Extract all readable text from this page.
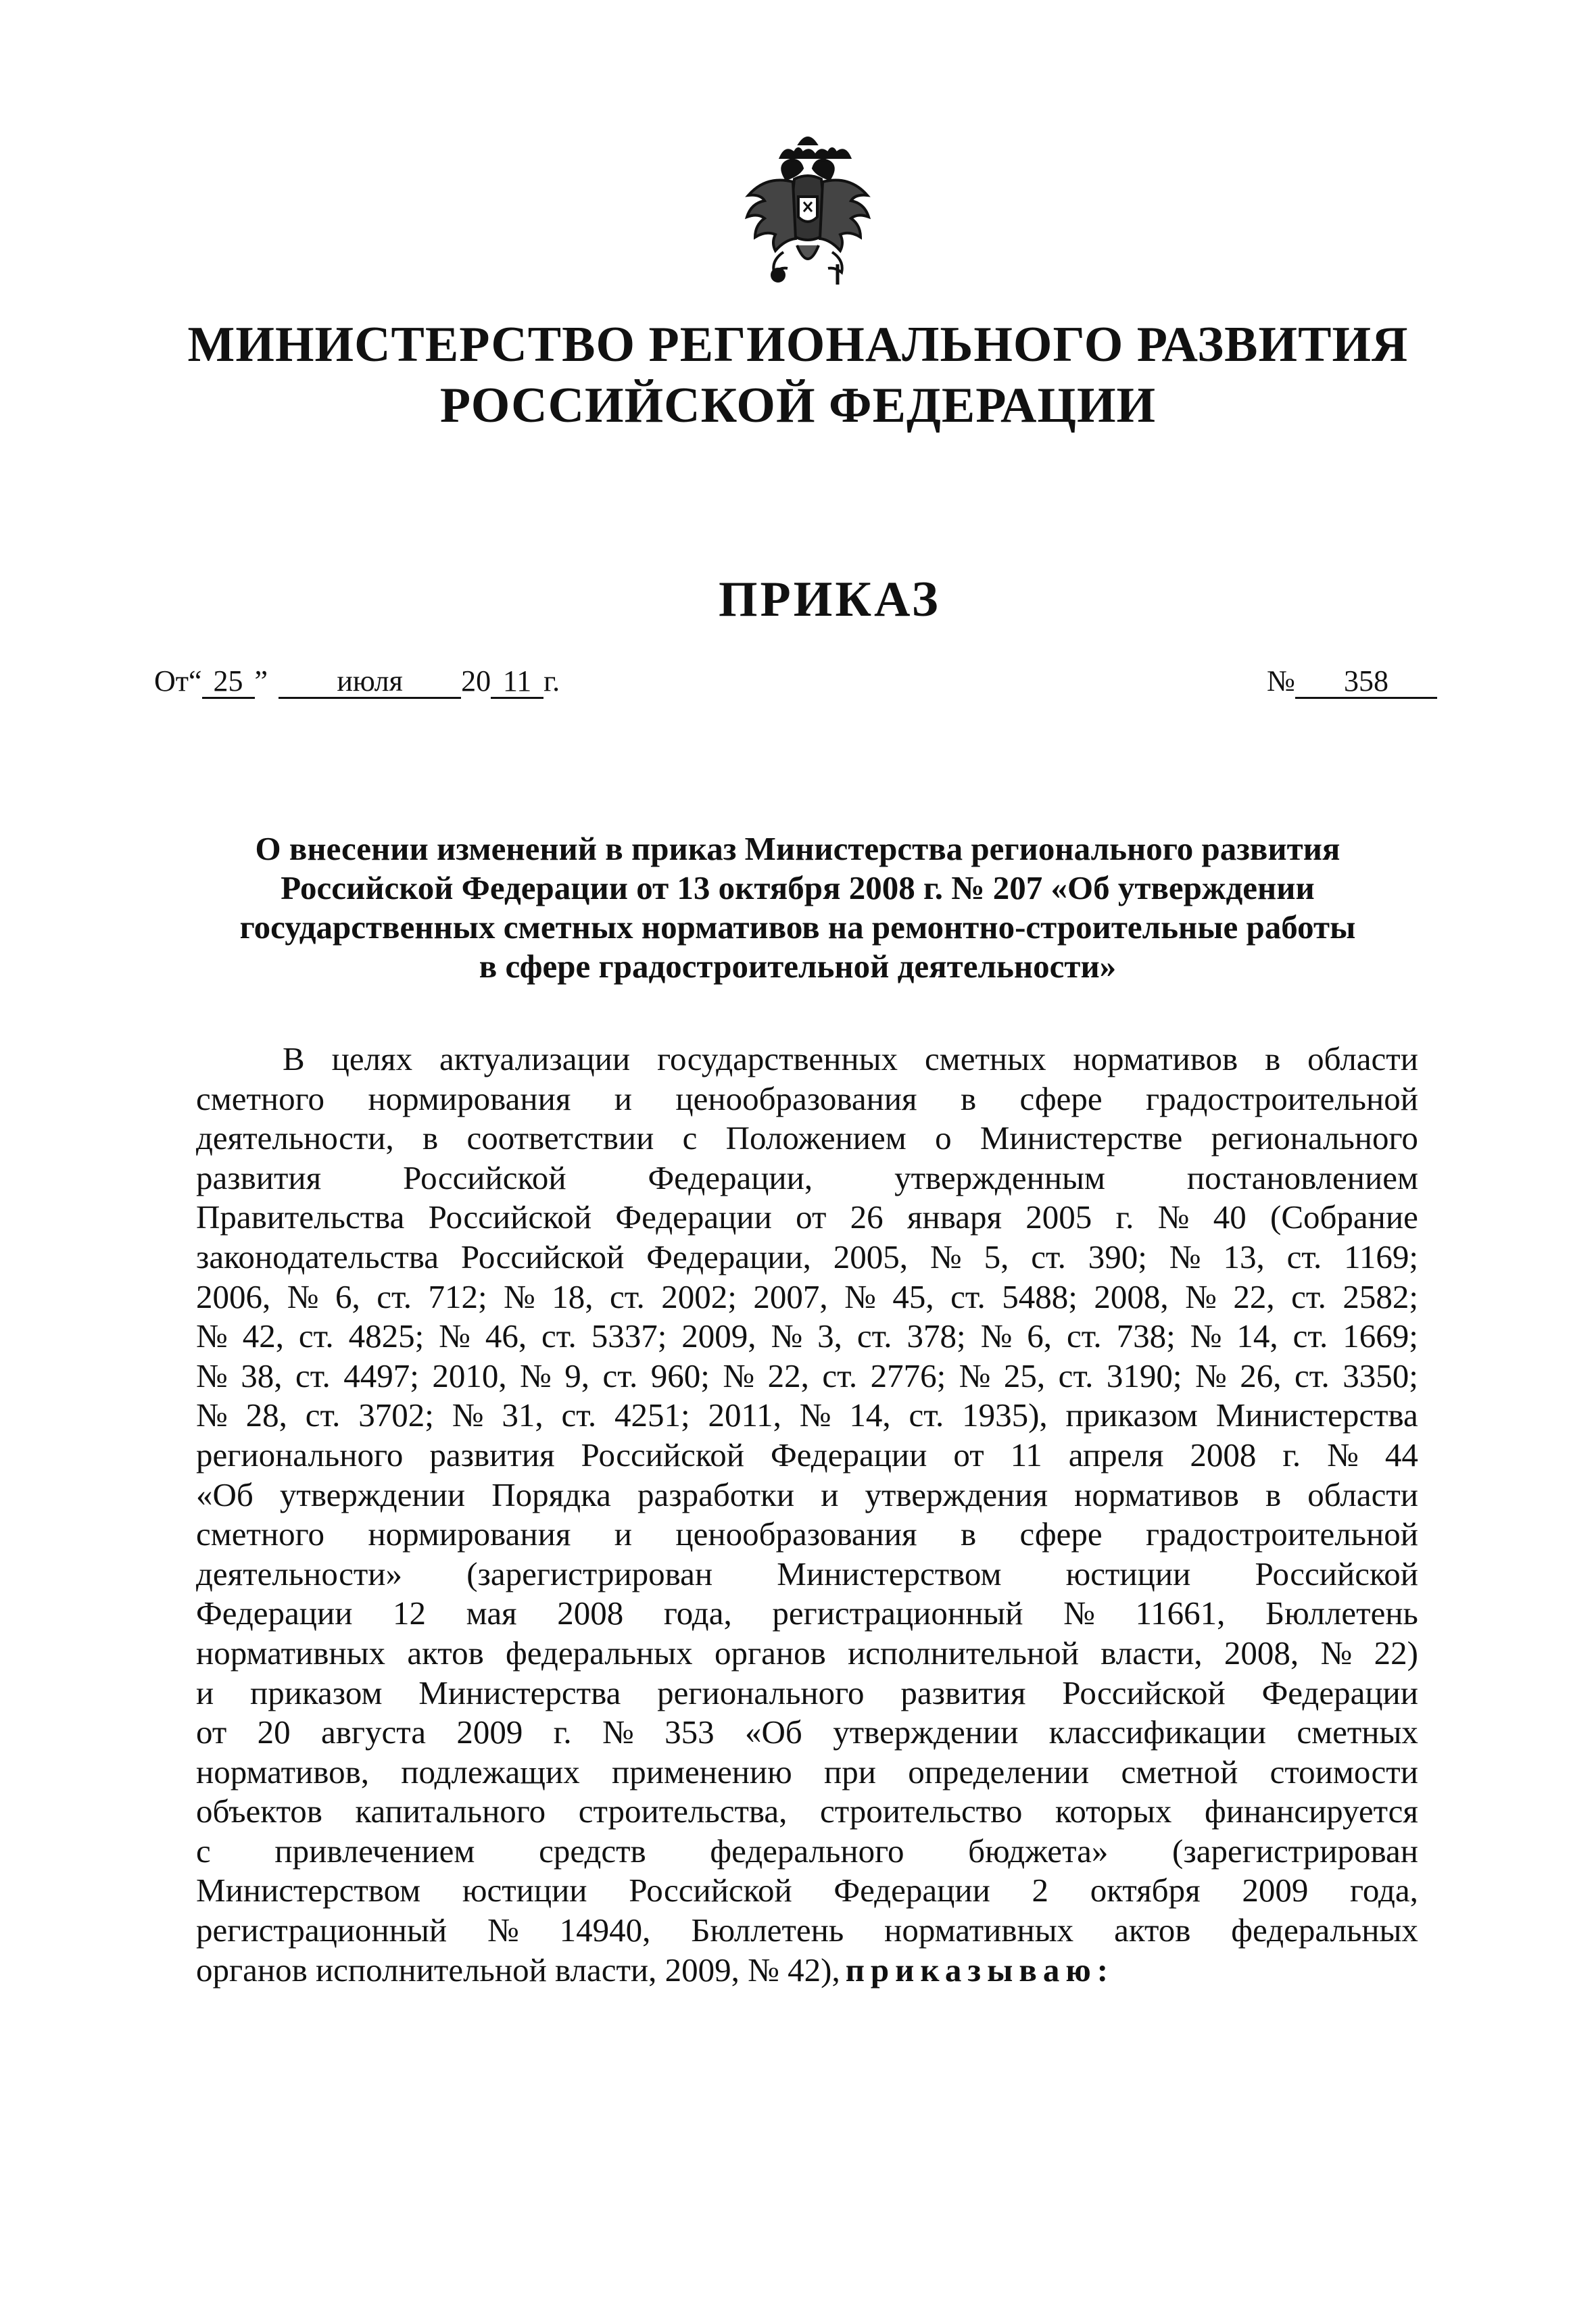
МИНИСТЕРСТВО РЕГИОНАЛЬНОГО РАЗВИТИЯ
РОССИЙСКОЙ ФЕДЕРАЦИИ
ПРИКАЗ
От“ 25 ” июля 20 11 г.	№ 358
О внесении изменений в приказ Министерства регионального развития
Российской Федерации от 13 октября 2008 г. № 207 «Об утверждении
государственных сметных нормативов на ремонтно-строительные работы
в сфере градостроительной деятельности»
В целях актуализации государственных сметных нормативов в области
сметного нормирования и ценообразования в сфере градостроительной
деятельности, в соответствии с Положением о Министерстве регионального
развития Российской Федерации, утвержденным постановлением
Правительства Российской Федерации от 26 января 2005 г. № 40 (Собрание
законодательства Российской Федерации, 2005, № 5, ст. 390; № 13, ст. 1169;
2006, № 6, ст. 712; № 18, ст. 2002; 2007, № 45, ст. 5488; 2008, № 22, ст. 2582;
№ 42, ст. 4825; № 46, ст. 5337; 2009, № 3, ст. 378; № 6, ст. 738; № 14, ст. 1669;
№ 38, ст. 4497; 2010, № 9, ст. 960; № 22, ст. 2776; № 25, ст. 3190; № 26, ст. 3350;
№ 28, ст. 3702; № 31, ст. 4251; 2011, № 14, ст. 1935), приказом Министерства
регионального развития Российской Федерации от 11 апреля 2008 г. № 44
«Об утверждении Порядка разработки и утверждения нормативов в области
сметного нормирования и ценообразования в сфере градостроительной
деятельности» (зарегистрирован Министерством юстиции Российской
Федерации 12 мая 2008 года, регистрационный № 11661, Бюллетень
нормативных актов федеральных органов исполнительной власти, 2008, № 22)
и приказом Министерства регионального развития Российской Федерации
от 20 августа 2009 г. № 353 «Об утверждении классификации сметных
нормативов, подлежащих применению при определении сметной стоимости
объектов капитального строительства, строительство которых финансируется
с привлечением средств федерального бюджета» (зарегистрирован
Министерством юстиции Российской Федерации 2 октября 2009 года,
регистрационный № 14940, Бюллетень нормативных актов федеральных
органов исполнительной власти, 2009, № 42), приказываю:
